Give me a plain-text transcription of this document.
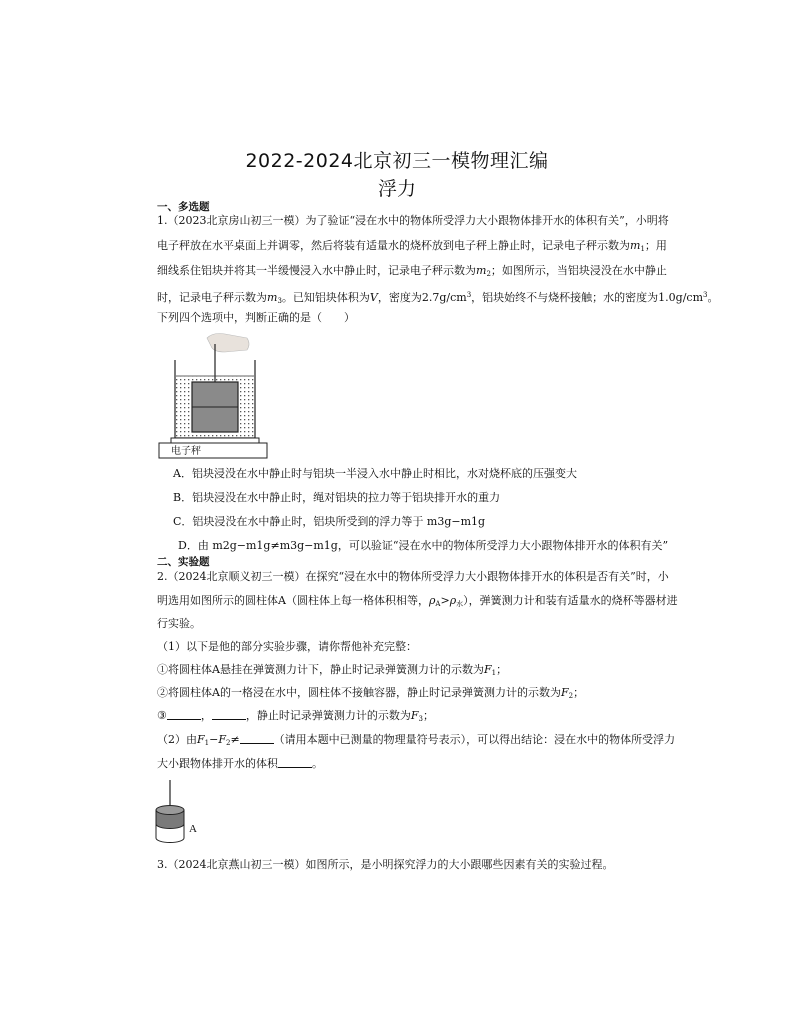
2022-2024北京初三一模物理汇编
浮力
一、多选题
1.（2023北京房山初三一模）为了验证“浸在水中的物体所受浮力大小跟物体排开水的体积有关”，小明将
电子秤放在水平桌面上并调零，然后将装有适量水的烧杯放到电子秤上静止时，记录电子秤示数为$m_1$；用
细线系住铝块并将其一半缓慢浸入水中静止时，记录电子秤示数为$m_2$；如图所示，当铝块浸没在水中静止
时，记录电子秤示数为$m_3$。已知铝块体积为V，密度为$2.7g/cm^3$，铝块始终不与烧杯接触；水的密度为$1.0g/cm^3$。
下列四个选项中，判断正确的是（　　）
电子秤
A．铝块浸没在水中静止时与铝块一半浸入水中静止时相比，水对烧杯底的压强变大
B．铝块浸没在水中静止时，绳对铝块的拉力等于铝块排开水的重力
C．铝块浸没在水中静止时，铝块所受到的浮力等于 m3g−m1g
D．由 m2g−m1g≠m3g−m1g，可以验证“浸在水中的物体所受浮力大小跟物体排开水的体积有关”
二、实验题
2.（2024北京顺义初三一模）在探究“浸在水中的物体所受浮力大小跟物体排开水的体积是否有关”时，小
明选用如图所示的圆柱体A（圆柱体上每一格体积相等，$\rho_A>\rho_水$），弹簧测力计和装有适量水的烧杯等器材进
行实验。
（1）以下是他的部分实验步骤，请你帮他补充完整：
①将圆柱体A悬挂在弹簧测力计下，静止时记录弹簧测力计的示数为$F_1$；
②将圆柱体A的一格浸在水中，圆柱体不接触容器，静止时记录弹簧测力计的示数为$F_2$；
③	，	，静止时记录弹簧测力计的示数为$F_3$；
（2）由$F_1-F_2\ne$	（请用本题中已测量的物理量符号表示），可以得出结论：浸在水中的物体所受浮力
大小跟物体排开水的体积	。
A
3.（2024北京燕山初三一模）如图所示，是小明探究浮力的大小跟哪些因素有关的实验过程。
